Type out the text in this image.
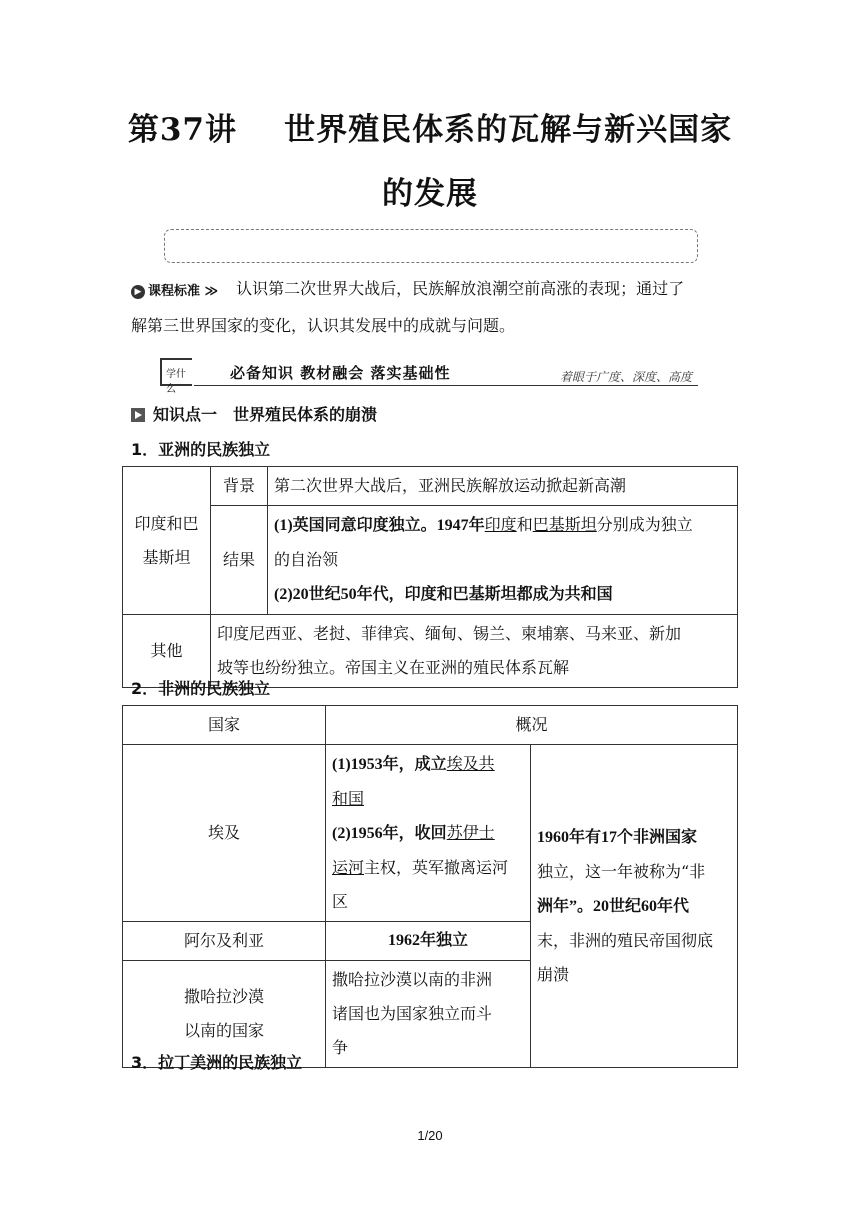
第37讲 世界殖民体系的瓦解与新兴国家
的发展
▶ 课程标准 ≫ 认识第二次世界大战后，民族解放浪潮空前高涨的表现；通过了
解第三世界国家的变化，认识其发展中的成就与问题。
学什么
必备知识 教材融会 落实基础性	着眼于广度、深度、高度
知识点一　世界殖民体系的崩溃
1．亚洲的民族独立
印度和巴
基斯坦	背景	第二次世界大战后，亚洲民族解放运动掀起新高潮
	结果	(1)英国同意印度独立。1947年印度和巴基斯坦分别成为独立
的自治领
(2)20世纪50年代，印度和巴基斯坦都成为共和国
其他	印度尼西亚、老挝、菲律宾、缅甸、锡兰、柬埔寨、马来亚、新加
坡等也纷纷独立。帝国主义在亚洲的殖民体系瓦解	
2．非洲的民族独立
国家	概况	
埃及	(1)1953年，成立埃及共
和国
(2)1956年，收回苏伊士
运河主权，英军撤离运河
区	1960年有17个非洲国家
独立，这一年被称为“非
洲年”。20世纪60年代
末，非洲的殖民帝国彻底
崩溃
阿尔及利亚	1962年独立	
撒哈拉沙漠
以南的国家	撒哈拉沙漠以南的非洲
诸国也为国家独立而斗
争	
3．拉丁美洲的民族独立
1/20
